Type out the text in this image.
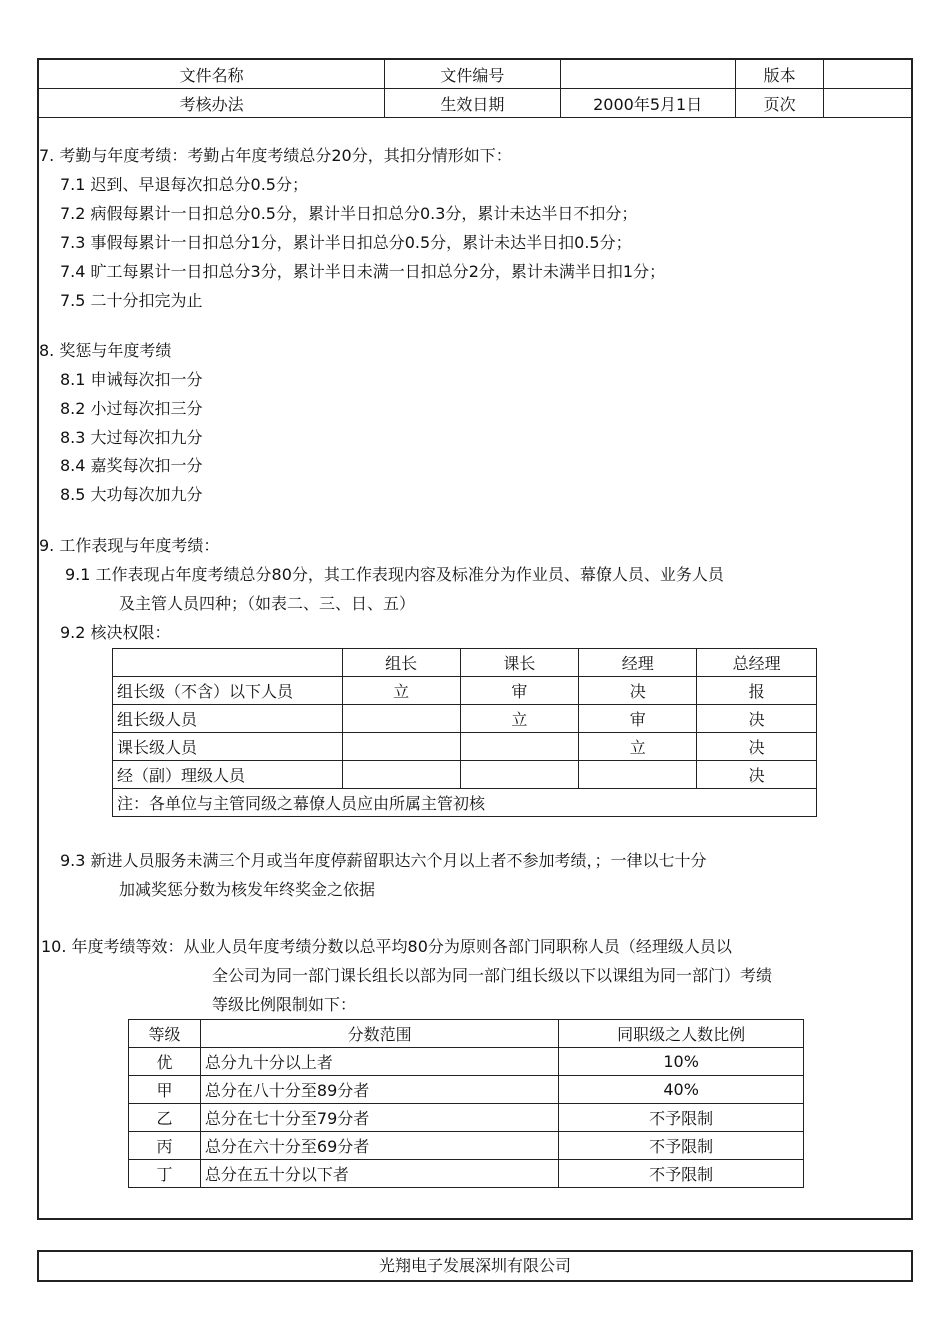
文件名称	文件编号		版本	
考核办法	生效日期	2000年5月1日	页次	
7. 考勤与年度考绩：考勤占年度考绩总分20分，其扣分情形如下：
7.1 迟到、早退每次扣总分0.5分；
7.2 病假每累计一日扣总分0.5分，累计半日扣总分0.3分，累计未达半日不扣分；
7.3 事假每累计一日扣总分1分，累计半日扣总分0.5分，累计未达半日扣0.5分；
7.4 旷工每累计一日扣总分3分，累计半日未满一日扣总分2分，累计未满半日扣1分；
7.5 二十分扣完为止
8. 奖惩与年度考绩
8.1 申诫每次扣一分
8.2 小过每次扣三分
8.3 大过每次扣九分
8.4 嘉奖每次扣一分
8.5 大功每次加九分
9. 工作表现与年度考绩：
9.1 工作表现占年度考绩总分80分，其工作表现内容及标准分为作业员、幕僚人员、业务人员
及主管人员四种；（如表二、三、日、五）
9.2 核决权限：
	组长	课长	经理	总经理
组长级（不含）以下人员	立	审	决	报
组长级人员		立	审	决
课长级人员			立	决
经（副）理级人员				决
注：各单位与主管同级之幕僚人员应由所属主管初核				
9.3 新进人员服务未满三个月或当年度停薪留职达六个月以上者不参加考绩，；一律以七十分
加减奖惩分数为核发年终奖金之依据
10. 年度考绩等效：从业人员年度考绩分数以总平均80分为原则各部门同职称人员（经理级人员以
全公司为同一部门课长组长以部为同一部门组长级以下以课组为同一部门）考绩
等级比例限制如下：
等级	分数范围	同职级之人数比例
优	总分九十分以上者	10%
甲	总分在八十分至89分者	40%
乙	总分在七十分至79分者	不予限制
丙	总分在六十分至69分者	不予限制
丁	总分在五十分以下者	不予限制
光翔电子发展深圳有限公司
